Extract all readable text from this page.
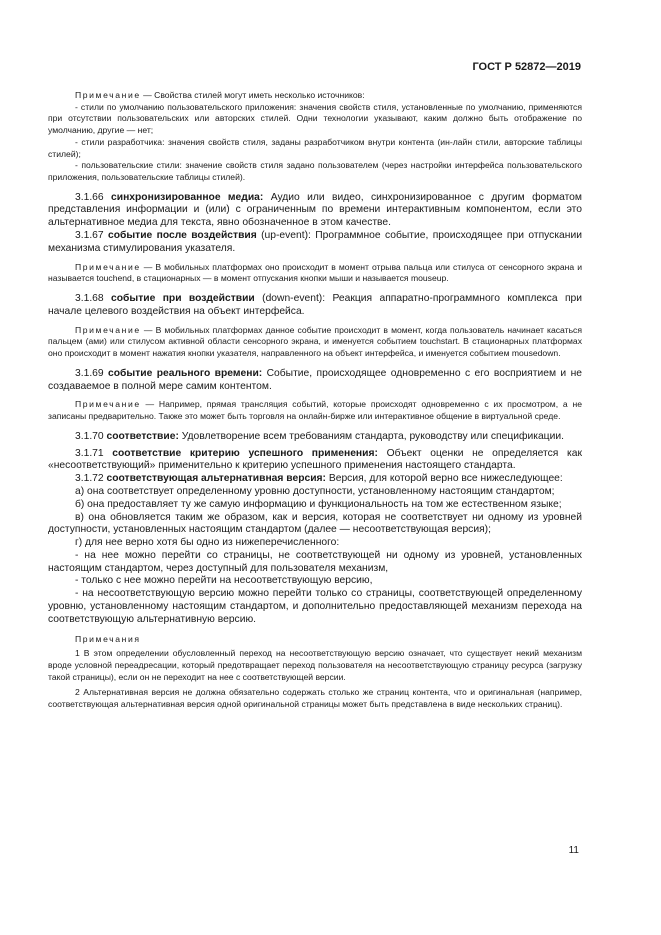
ГОСТ Р 52872—2019

Примечание — Свойства стилей могут иметь несколько источников:

- стили по умолчанию пользовательского приложения: значения свойств стиля, установленные по умолчанию, применяются при отсутствии пользовательских или авторских стилей. Одни технологии указывают, каким должно быть отображение по умолчанию, другие — нет;

- стили разработчика: значения свойств стиля, заданы разработчиком внутри контента (ин-лайн стили, авторские таблицы стилей);

- пользовательские стили: значение свойств стиля задано пользователем (через настройки интерфейса пользовательского приложения, пользовательские таблицы стилей).

3.1.66 синхронизированное медиа: Аудио или видео, синхронизированное с другим форматом представления информации и (или) с ограниченным по времени интерактивным компонентом, если это альтернативное медиа для текста, явно обозначенное в этом качестве.

3.1.67 событие после воздействия (up-event): Программное событие, происходящее при отпускании механизма стимулирования указателя.

Примечание — В мобильных платформах оно происходит в момент отрыва пальца или стилуса от сенсорного экрана и называется touchend, в стационарных — в момент отпускания кнопки мыши и называется mouseup.

3.1.68 событие при воздействии (down-event): Реакция аппаратно-программного комплекса при начале целевого воздействия на объект интерфейса.

Примечание — В мобильных платформах данное событие происходит в момент, когда пользователь начинает касаться пальцем (ами) или стилусом активной области сенсорного экрана, и именуется событием touchstart. В стационарных платформах оно происходит в момент нажатия кнопки указателя, направленного на объект интерфейса, и именуется событием mousedown.

3.1.69 событие реального времени: Событие, происходящее одновременно с его восприятием и не создаваемое в полной мере самим контентом.

Примечание — Например, прямая трансляция событий, которые происходят одновременно с их просмотром, а не записаны предварительно. Также это может быть торговля на онлайн-бирже или интерактивное общение в виртуальной среде.

3.1.70 соответствие: Удовлетворение всем требованиям стандарта, руководству или спецификации.

3.1.71 соответствие критерию успешного применения: Объект оценки не определяется как «несоответствующий» применительно к критерию успешного применения настоящего стандарта.

3.1.72 соответствующая альтернативная версия: Версия, для которой верно все нижеследующее:

а) она соответствует определенному уровню доступности, установленному настоящим стандартом;

б) она предоставляет ту же самую информацию и функциональность на том же естественном языке;

в) она обновляется таким же образом, как и версия, которая не соответствует ни одному из уровней доступности, установленных настоящим стандартом (далее — несоответствующая версия);

г) для нее верно хотя бы одно из нижеперечисленного:

- на нее можно перейти со страницы, не соответствующей ни одному из уровней, установленных настоящим стандартом, через доступный для пользователя механизм,

- только с нее можно перейти на несоответствующую версию,

- на несоответствующую версию можно перейти только со страницы, соответствующей определенному уровню, установленному настоящим стандартом, и дополнительно предоставляющей механизм перехода на соответствующую альтернативную версию.

Примечания

1 В этом определении обусловленный переход на несоответствующую версию означает, что существует некий механизм вроде условной переадресации, который предотвращает переход пользователя на несоответствующую страницу ресурса (загрузку такой страницы), если он не переходит на нее с соответствующей версии.

2 Альтернативная версия не должна обязательно содержать столько же страниц контента, что и оригинальная (например, соответствующая альтернативная версия одной оригинальной страницы может быть представлена в виде нескольких страниц).

11
